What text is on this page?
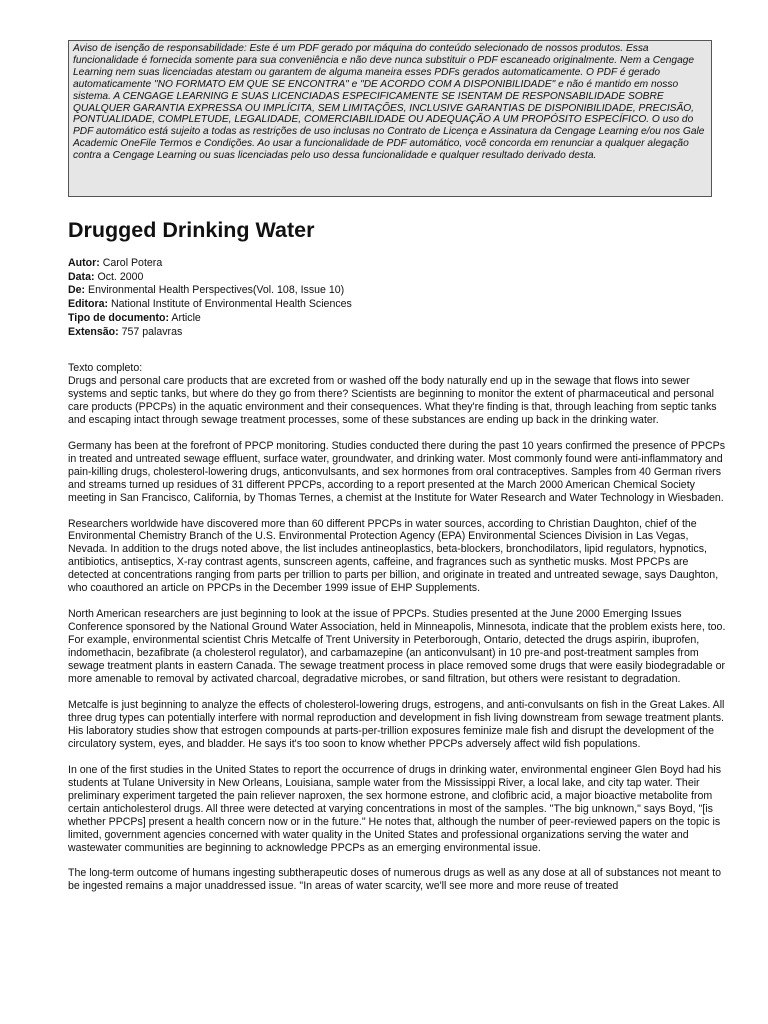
Aviso de isenção de responsabilidade: Este é um PDF gerado por máquina do conteúdo selecionado de nossos produtos. Essa funcionalidade é fornecida somente para sua conveniência e não deve nunca substituir o PDF escaneado originalmente. Nem a Cengage Learning nem suas licenciadas atestam ou garantem de alguma maneira esses PDFs gerados automaticamente. O PDF é gerado automaticamente "NO FORMATO EM QUE SE ENCONTRA" e "DE ACORDO COM A DISPONIBILIDADE" e não é mantido em nosso sistema. A CENGAGE LEARNING E SUAS LICENCIADAS ESPECIFICAMENTE SE ISENTAM DE RESPONSABILIDADE SOBRE QUALQUER GARANTIA EXPRESSA OU IMPLÍCITA, SEM LIMITAÇÕES, INCLUSIVE GARANTIAS DE DISPONIBILIDADE, PRECISÃO, PONTUALIDADE, COMPLETUDE, LEGALIDADE, COMERCIABILIDADE OU ADEQUAÇÃO A UM PROPÓSITO ESPECÍFICO. O uso do PDF automático está sujeito a todas as restrições de uso inclusas no Contrato de Licença e Assinatura da Cengage Learning e/ou nos Gale Academic OneFile Termos e Condições. Ao usar a funcionalidade de PDF automático, você concorda em renunciar a qualquer alegação contra a Cengage Learning ou suas licenciadas pelo uso dessa funcionalidade e qualquer resultado derivado desta.
Drugged Drinking Water
Autor: Carol Potera
Data: Oct. 2000
De: Environmental Health Perspectives(Vol. 108, Issue 10)
Editora: National Institute of Environmental Health Sciences
Tipo de documento: Article
Extensão: 757 palavras

Texto completo:
Drugs and personal care products that are excreted from or washed off the body naturally end up in the sewage that flows into sewer systems and septic tanks, but where do they go from there? Scientists are beginning to monitor the extent of pharmaceutical and personal care products (PPCPs) in the aquatic environment and their consequences. What they're finding is that, through leaching from septic tanks and escaping intact through sewage treatment processes, some of these substances are ending up back in the drinking water.

Germany has been at the forefront of PPCP monitoring. Studies conducted there during the past 10 years confirmed the presence of PPCPs in treated and untreated sewage effluent, surface water, groundwater, and drinking water. Most commonly found were anti-inflammatory and pain-killing drugs, cholesterol-lowering drugs, anticonvulsants, and sex hormones from oral contraceptives. Samples from 40 German rivers and streams turned up residues of 31 different PPCPs, according to a report presented at the March 2000 American Chemical Society meeting in San Francisco, California, by Thomas Ternes, a chemist at the Institute for Water Research and Water Technology in Wiesbaden.

Researchers worldwide have discovered more than 60 different PPCPs in water sources, according to Christian Daughton, chief of the Environmental Chemistry Branch of the U.S. Environmental Protection Agency (EPA) Environmental Sciences Division in Las Vegas, Nevada. In addition to the drugs noted above, the list includes antineoplastics, beta-blockers, bronchodilators, lipid regulators, hypnotics, antibiotics, antiseptics, X-ray contrast agents, sunscreen agents, caffeine, and fragrances such as synthetic musks. Most PPCPs are detected at concentrations ranging from parts per trillion to parts per billion, and originate in treated and untreated sewage, says Daughton, who coauthored an article on PPCPs in the December 1999 issue of EHP Supplements.

North American researchers are just beginning to look at the issue of PPCPs. Studies presented at the June 2000 Emerging Issues Conference sponsored by the National Ground Water Association, held in Minneapolis, Minnesota, indicate that the problem exists here, too. For example, environmental scientist Chris Metcalfe of Trent University in Peterborough, Ontario, detected the drugs aspirin, ibuprofen, indomethacin, bezafibrate (a cholesterol regulator), and carbamazepine (an anticonvulsant) in 10 pre-and post-treatment samples from sewage treatment plants in eastern Canada. The sewage treatment process in place removed some drugs that were easily biodegradable or more amenable to removal by activated charcoal, degradative microbes, or sand filtration, but others were resistant to degradation.

Metcalfe is just beginning to analyze the effects of cholesterol-lowering drugs, estrogens, and anti-convulsants on fish in the Great Lakes. All three drug types can potentially interfere with normal reproduction and development in fish living downstream from sewage treatment plants. His laboratory studies show that estrogen compounds at parts-per-trillion exposures feminize male fish and disrupt the development of the circulatory system, eyes, and bladder. He says it's too soon to know whether PPCPs adversely affect wild fish populations.

In one of the first studies in the United States to report the occurrence of drugs in drinking water, environmental engineer Glen Boyd had his students at Tulane University in New Orleans, Louisiana, sample water from the Mississippi River, a local lake, and city tap water. Their preliminary experiment targeted the pain reliever naproxen, the sex hormone estrone, and clofibric acid, a major bioactive metabolite from certain anticholesterol drugs. All three were detected at varying concentrations in most of the samples. "The big unknown," says Boyd, "[is whether PPCPs] present a health concern now or in the future." He notes that, although the number of peer-reviewed papers on the topic is limited, government agencies concerned with water quality in the United States and professional organizations serving the water and wastewater communities are beginning to acknowledge PPCPs as an emerging environmental issue.

The long-term outcome of humans ingesting subtherapeutic doses of numerous drugs as well as any dose at all of substances not meant to be ingested remains a major unaddressed issue. "In areas of water scarcity, we'll see more and more reuse of treated
